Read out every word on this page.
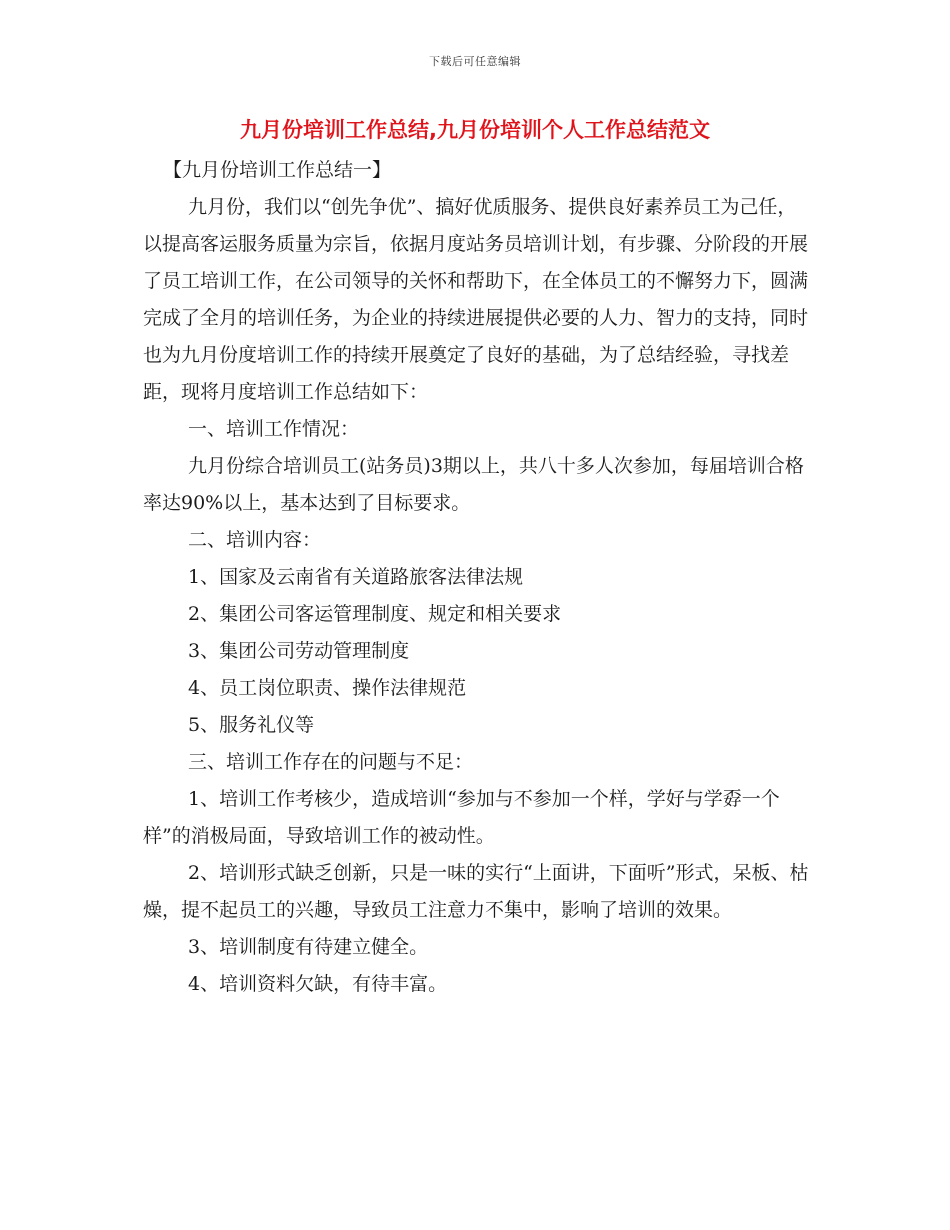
下载后可任意编辑
九月份培训工作总结,九月份培训个人工作总结范文

【九月份培训工作总结一】

九月份，我们以“创先争优”、搞好优质服务、提供良好素养员工为己任，以提高客运服务质量为宗旨，依据月度站务员培训计划，有步骤、分阶段的开展了员工培训工作，在公司领导的关怀和帮助下，在全体员工的不懈努力下，圆满完成了全月的培训任务，为企业的持续进展提供必要的人力、智力的支持，同时也为九月份度培训工作的持续开展奠定了良好的基础，为了总结经验，寻找差距，现将月度培训工作总结如下：

一、培训工作情况：

九月份综合培训员工(站务员)3期以上，共八十多人次参加，每届培训合格率达90%以上，基本达到了目标要求。

二、培训内容：

1、国家及云南省有关道路旅客法律法规

2、集团公司客运管理制度、规定和相关要求

3、集团公司劳动管理制度

4、员工岗位职责、操作法律规范

5、服务礼仪等

三、培训工作存在的问题与不足：

1、培训工作考核少，造成培训“参加与不参加一个样，学好与学孬一个样”的消极局面，导致培训工作的被动性。

2、培训形式缺乏创新，只是一味的实行“上面讲，下面听”形式，呆板、枯燥，提不起员工的兴趣，导致员工注意力不集中，影响了培训的效果。

3、培训制度有待建立健全。

4、培训资料欠缺，有待丰富。
